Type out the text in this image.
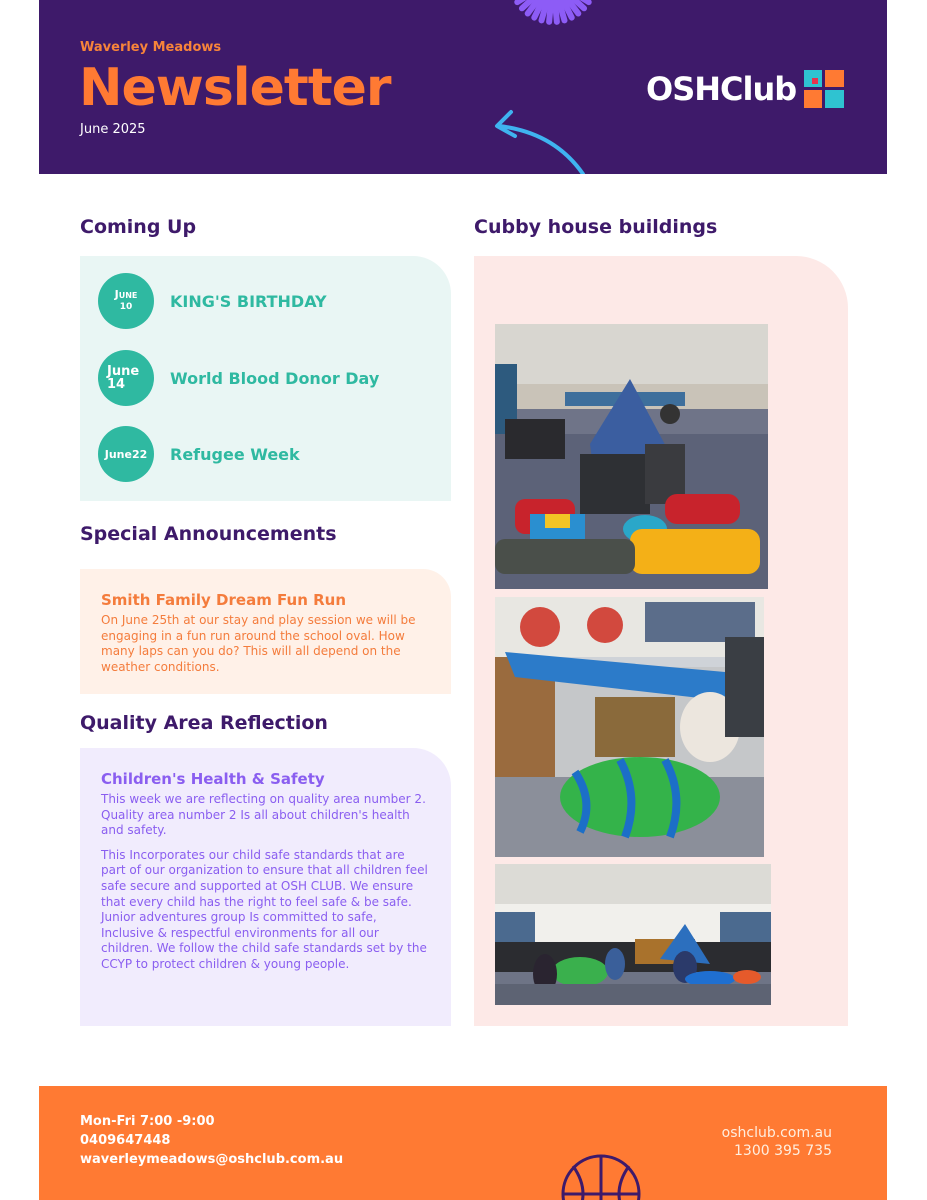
Waverley Meadows
Newsletter
June 2025
OSHClub
Coming Up
June
10 KING'S BIRTHDAY
June
14	World Blood Donor Day
June22 Refugee Week
Special Announcements
Smith Family Dream Fun Run
On June 25th at our stay and play session we will be engaging in a fun run around the school oval. How many laps can you do? This will all depend on the weather conditions.
Quality Area Reflection
Children's Health & Safety
This week we are reflecting on quality area number 2. Quality area number 2 Is all about children's health and safety.
This Incorporates our child safe standards that are part of our organization to ensure that all children feel safe secure and supported at OSH CLUB. We ensure that every child has the right to feel safe & be safe. Junior adventures group Is committed to safe, Inclusive & respectful environments for all our children. We follow the child safe standards set by the CCYP to protect children & young people.
Cubby house buildings
Mon-Fri 7:00 -9:00
0409647448
waverleymeadows@oshclub.com.au
oshclub.com.au
1300 395 735
